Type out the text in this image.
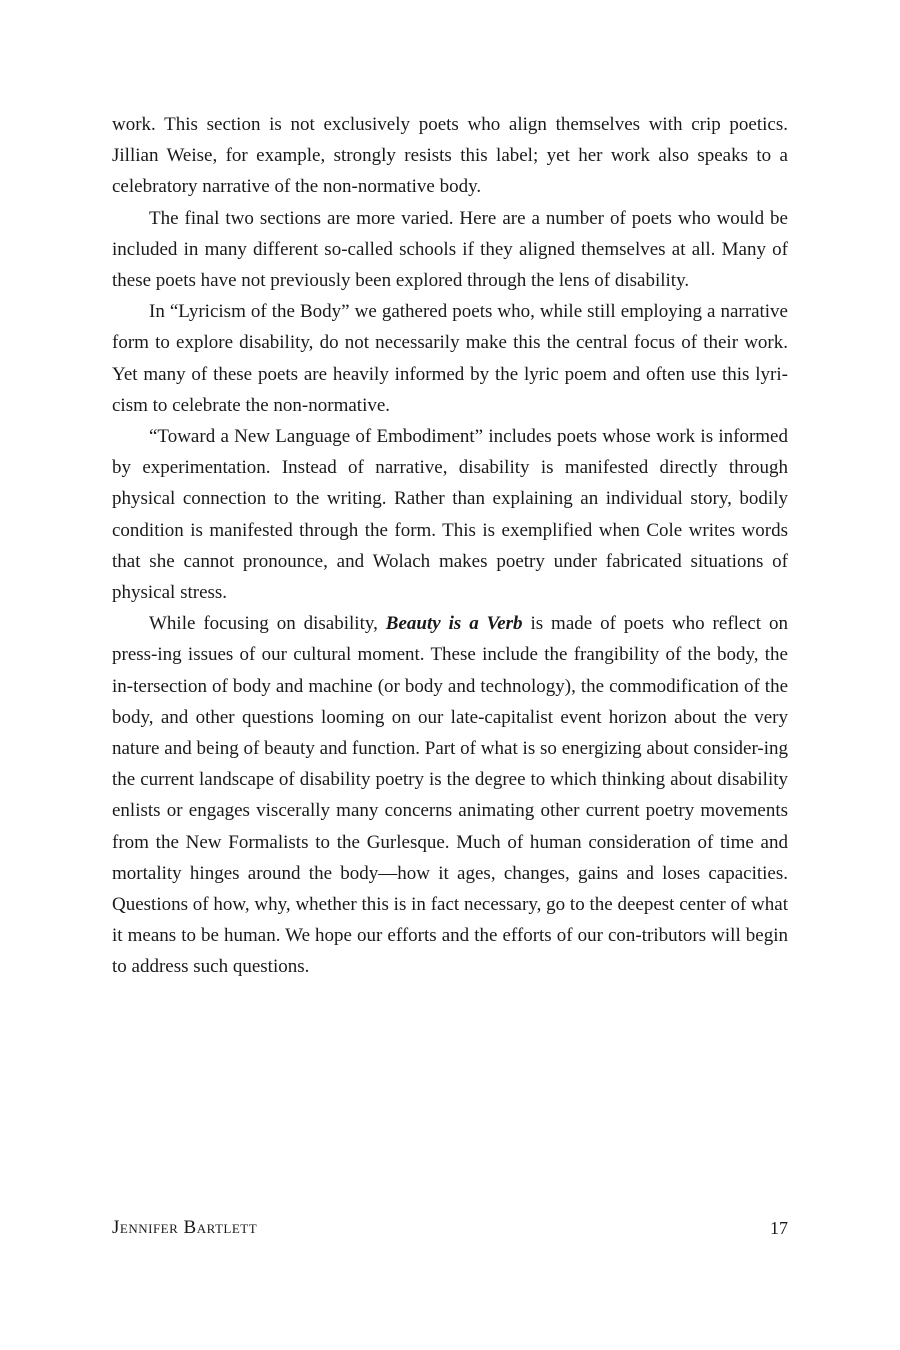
work. This section is not exclusively poets who align themselves with crip poetics. Jillian Weise, for example, strongly resists this label; yet her work also speaks to a celebratory narrative of the non-normative body.

The final two sections are more varied. Here are a number of poets who would be included in many different so-called schools if they aligned themselves at all. Many of these poets have not previously been explored through the lens of disability.

In “Lyricism of the Body” we gathered poets who, while still employing a narrative form to explore disability, do not necessarily make this the central focus of their work. Yet many of these poets are heavily informed by the lyric poem and often use this lyri-cism to celebrate the non-normative.

“Toward a New Language of Embodiment” includes poets whose work is informed by experimentation. Instead of narrative, disability is manifested directly through physical connection to the writing. Rather than explaining an individual story, bodily condition is manifested through the form. This is exemplified when Cole writes words that she cannot pronounce, and Wolach makes poetry under fabricated situations of physical stress.

While focusing on disability, Beauty is a Verb is made of poets who reflect on press-ing issues of our cultural moment. These include the frangibility of the body, the in-tersection of body and machine (or body and technology), the commodification of the body, and other questions looming on our late-capitalist event horizon about the very nature and being of beauty and function. Part of what is so energizing about consider-ing the current landscape of disability poetry is the degree to which thinking about disability enlists or engages viscerally many concerns animating other current poetry movements from the New Formalists to the Gurlesque. Much of human consideration of time and mortality hinges around the body—how it ages, changes, gains and loses capacities. Questions of how, why, whether this is in fact necessary, go to the deepest center of what it means to be human. We hope our efforts and the efforts of our con-tributors will begin to address such questions.

Jennifer Bartlett	17
